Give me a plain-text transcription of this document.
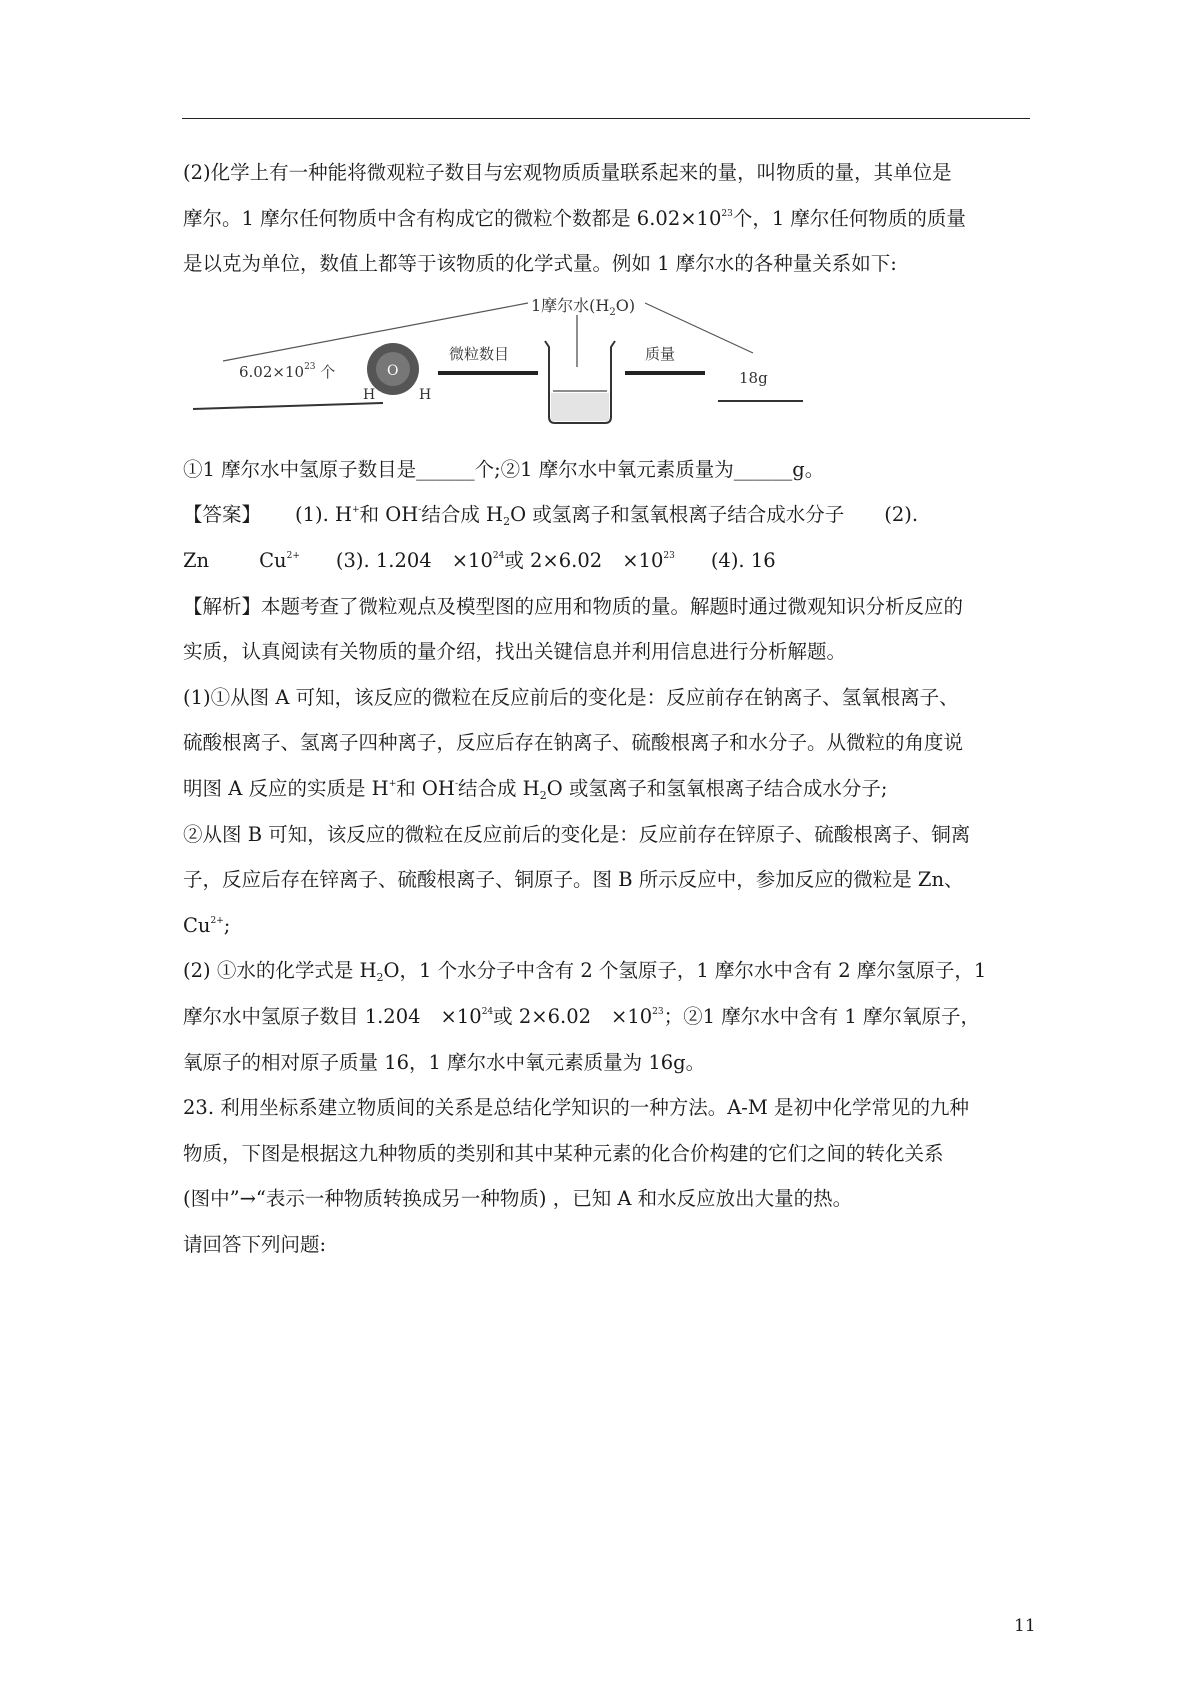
(2)化学上有一种能将微观粒子数目与宏观物质质量联系起来的量，叫物质的量，其单位是
摩尔。1 摩尔任何物质中含有构成它的微粒个数都是 $6.02\times 10^{23}$个，1 摩尔任何物质的质量
是以克为单位，数值上都等于该物质的化学式量。例如 1 摩尔水的各种量关系如下:
1摩尔水$(H_2O)$
$6.02\times 10^{23}$ 个	O
H	H
微粒数目	质量
18g
①1 摩尔水中氢原子数目是______个;②1 摩尔水中氧元素质量为______g。
【答案】 (1). H+和 OH-结合成 $H_2O$ 或氢离子和氢氧根离子结合成水分子 (2).
Zn	$Cu^{2+}$ (3). $1.204 \times 10^{24}$或 $2\times 6.02 \times 10^{23}$ (4). 16
【解析】本题考查了微粒观点及模型图的应用和物质的量。解题时通过微观知识分析反应的
实质，认真阅读有关物质的量介绍，找出关键信息并利用信息进行分析解题。
(1)①从图 A 可知，该反应的微粒在反应前后的变化是：反应前存在钠离子、氢氧根离子、
硫酸根离子、氢离子四种离子，反应后存在钠离子、硫酸根离子和水分子。从微粒的角度说
明图 A 反应的实质是 H+和 OH-结合成 $H_2O$ 或氢离子和氢氧根离子结合成水分子;
②从图 B 可知，该反应的微粒在反应前后的变化是：反应前存在锌原子、硫酸根离子、铜离
子，反应后存在锌离子、硫酸根离子、铜原子。图 B 所示反应中，参加反应的微粒是 Zn、
$Cu^{2+}$;
(2) ①水的化学式是 $H_2O$，1 个水分子中含有 2 个氢原子，1 摩尔水中含有 2 摩尔氢原子，1
摩尔水中氢原子数目 $1.204 \times 10^{24}$或 $2\times 6.02 \times 10^{23}$；②1 摩尔水中含有 1 摩尔氧原子，
氧原子的相对原子质量 16，1 摩尔水中氧元素质量为 16g。
23. 利用坐标系建立物质间的关系是总结化学知识的一种方法。A-M 是初中化学常见的九种
物质，下图是根据这九种物质的类别和其中某种元素的化合价构建的它们之间的转化关系
(图中”→“表示一种物质转换成另一种物质) ，已知 A 和水反应放出大量的热。
请回答下列问题:
11
